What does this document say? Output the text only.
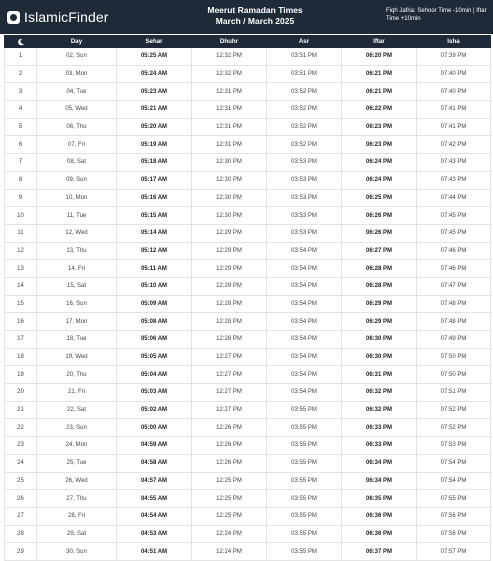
IslamicFinder	Meerut Ramadan Times
March / March 2025
Fiqh Jafria: Sehoor Time -10min | Iftar Time +10min
	Day	Sehar	Dhuhr	Asr	Iftar	Isha
1	02, Sun	05:25 AM	12:32 PM	03:51 PM	06:20 PM	07:39 PM
2	03, Mon	05:24 AM	12:32 PM	03:51 PM	06:21 PM	07:40 PM
3	04, Tue	05:23 AM	12:31 PM	03:52 PM	06:21 PM	07:40 PM
4	05, Wed	05:21 AM	12:31 PM	03:52 PM	06:22 PM	07:41 PM
5	06, Thu	05:20 AM	12:31 PM	03:52 PM	06:23 PM	07:41 PM
6	07, Fri	05:19 AM	12:31 PM	03:52 PM	06:23 PM	07:42 PM
7	08, Sat	05:18 AM	12:30 PM	03:53 PM	06:24 PM	07:43 PM
8	09, Sun	05:17 AM	12:30 PM	03:53 PM	06:24 PM	07:43 PM
9	10, Mon	05:16 AM	12:30 PM	03:53 PM	06:25 PM	07:44 PM
10	11, Tue	05:15 AM	12:30 PM	03:53 PM	06:26 PM	07:45 PM
11	12, Wed	05:14 AM	12:29 PM	03:53 PM	06:26 PM	07:45 PM
12	13, Thu	05:12 AM	12:29 PM	03:54 PM	06:27 PM	07:46 PM
13	14, Fri	05:11 AM	12:29 PM	03:54 PM	06:28 PM	07:46 PM
14	15, Sat	05:10 AM	12:29 PM	03:54 PM	06:28 PM	07:47 PM
15	16, Sun	05:09 AM	12:28 PM	03:54 PM	06:29 PM	07:48 PM
16	17, Mon	05:08 AM	12:28 PM	03:54 PM	06:29 PM	07:48 PM
17	18, Tue	05:06 AM	12:28 PM	03:54 PM	06:30 PM	07:49 PM
18	19, Wed	05:05 AM	12:27 PM	03:54 PM	06:30 PM	07:50 PM
19	20, Thu	05:04 AM	12:27 PM	03:54 PM	06:31 PM	07:50 PM
20	21, Fri	05:03 AM	12:27 PM	03:54 PM	06:32 PM	07:51 PM
21	22, Sat	05:02 AM	12:27 PM	03:55 PM	06:32 PM	07:52 PM
22	23, Sun	05:00 AM	12:26 PM	03:55 PM	06:33 PM	07:52 PM
23	24, Mon	04:59 AM	12:26 PM	03:55 PM	06:33 PM	07:53 PM
24	25, Tue	04:58 AM	12:26 PM	03:55 PM	06:34 PM	07:54 PM
25	26, Wed	04:57 AM	12:25 PM	03:55 PM	06:34 PM	07:54 PM
26	27, Thu	04:55 AM	12:25 PM	03:55 PM	06:35 PM	07:55 PM
27	28, Fri	04:54 AM	12:25 PM	03:55 PM	06:36 PM	07:56 PM
28	29, Sat	04:53 AM	12:24 PM	03:55 PM	06:36 PM	07:56 PM
29	30, Sun	04:51 AM	12:24 PM	03:55 PM	06:37 PM	07:57 PM
